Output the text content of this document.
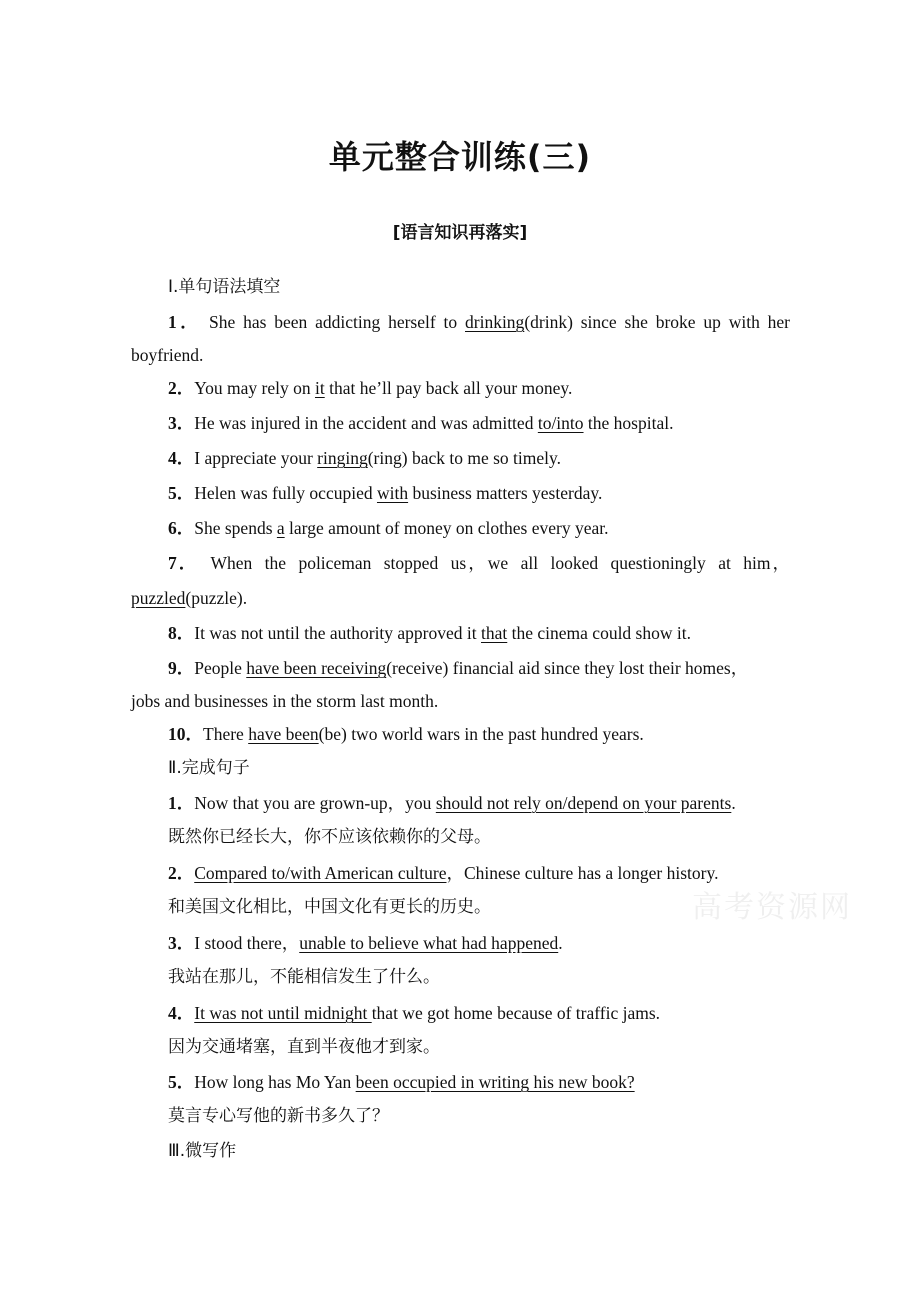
单元整合训练(三)
[语言知识再落实]
Ⅰ.单句语法填空
1． She has been addicting herself to drinking(drink) since she broke up with her
boyfriend.
2．You may rely on it that he’ll pay back all your money.
3．He was injured in the accident and was admitted to/into the hospital.
4．I appreciate your ringing(ring) back to me so timely.
5．Helen was fully occupied with business matters yesterday.
6．She spends a large amount of money on clothes every year.
7． When the policeman stopped us，we all looked questioningly at him，
puzzled(puzzle).
8．It was not until the authority approved it that the cinema could show it.
9．People have been receiving(receive) financial aid since they lost their homes，
jobs and businesses in the storm last month.
10．There have been(be) two world wars in the past hundred years.
Ⅱ.完成句子
1．Now that you are grown-up，you should not rely on/depend on your parents.
既然你已经长大，你不应该依赖你的父母。
2．Compared to/with American culture，Chinese culture has a longer history.
和美国文化相比，中国文化有更长的历史。
3．I stood there，unable to believe what had happened.
我站在那儿，不能相信发生了什么。
4．It was not until midnight that we got home because of traffic jams.
因为交通堵塞，直到半夜他才到家。
5．How long has Mo Yan been occupied in writing his new book?
莫言专心写他的新书多久了？
Ⅲ.微写作
高考资源网
